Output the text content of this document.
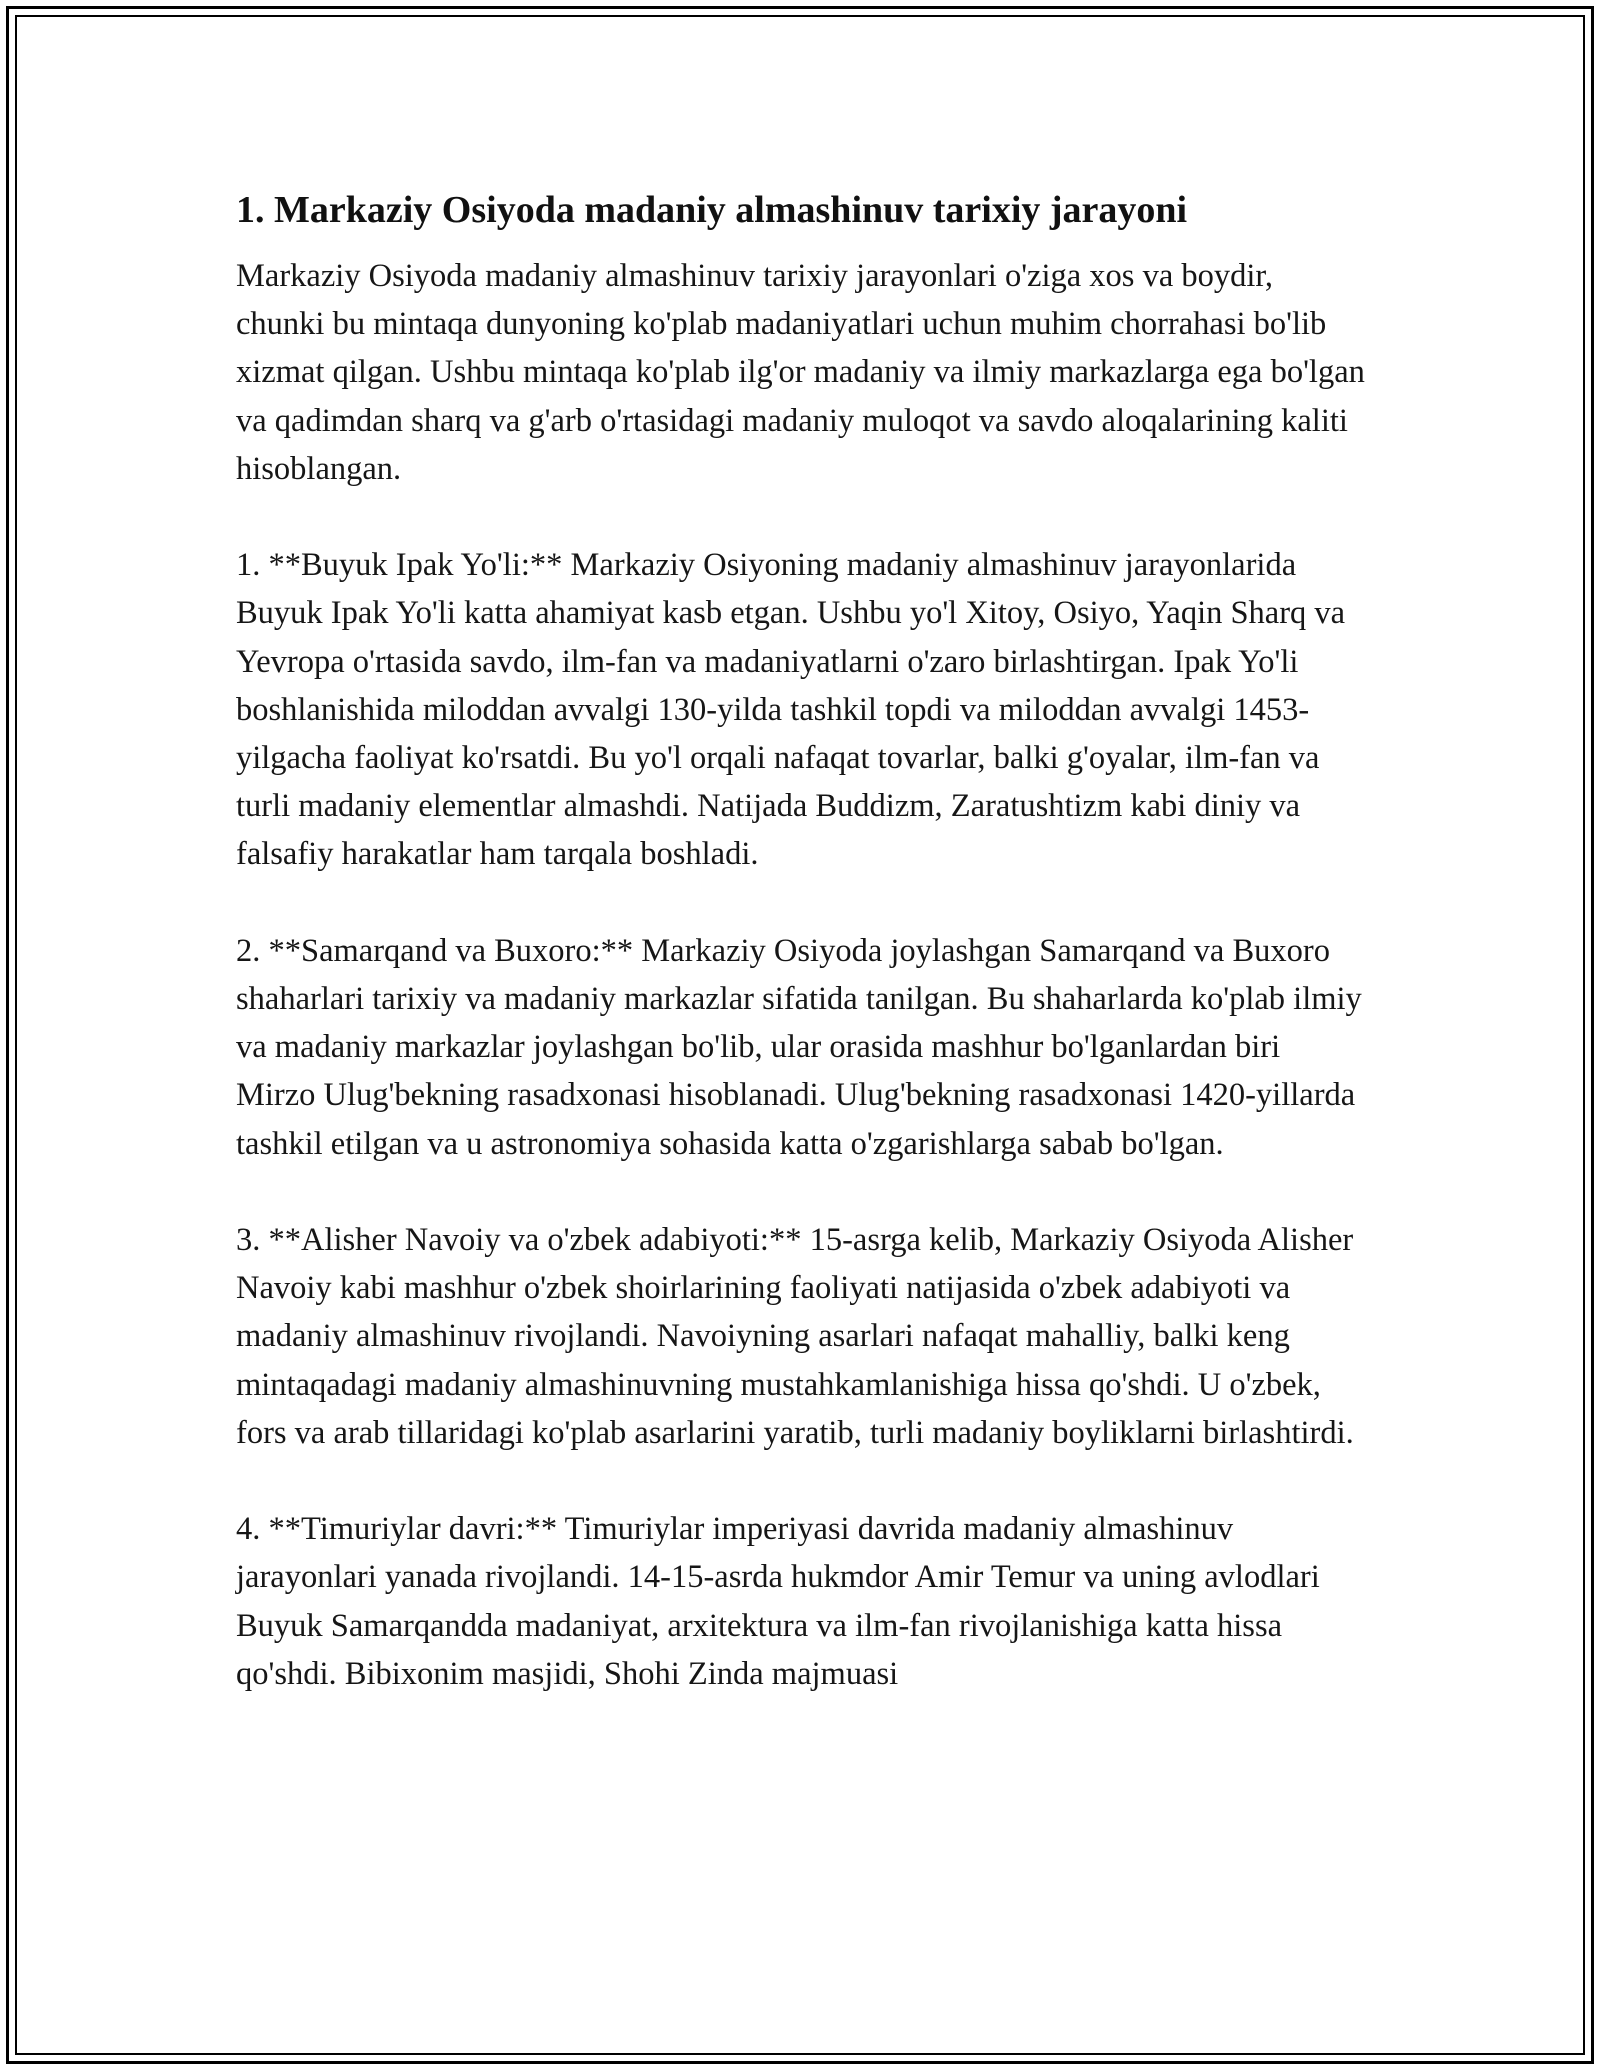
1. Markaziy Osiyoda madaniy almashinuv tarixiy jarayoni

Markaziy Osiyoda madaniy almashinuv tarixiy jarayonlari o'ziga xos va boydir, chunki bu mintaqa dunyoning ko'plab madaniyatlari uchun muhim chorrahasi bo'lib xizmat qilgan. Ushbu mintaqa ko'plab ilg'or madaniy va ilmiy markazlarga ega bo'lgan va qadimdan sharq va g'arb o'rtasidagi madaniy muloqot va savdo aloqalarining kaliti hisoblangan.

1. **Buyuk Ipak Yo'li:** Markaziy Osiyoning madaniy almashinuv jarayonlarida Buyuk Ipak Yo'li katta ahamiyat kasb etgan. Ushbu yo'l Xitoy, Osiyo, Yaqin Sharq va Yevropa o'rtasida savdo, ilm-fan va madaniyatlarni o'zaro birlashtirgan. Ipak Yo'li boshlanishida miloddan avvalgi 130-yilda tashkil topdi va miloddan avvalgi 1453-yilgacha faoliyat ko'rsatdi. Bu yo'l orqali nafaqat tovarlar, balki g'oyalar, ilm-fan va turli madaniy elementlar almashdi. Natijada Buddizm, Zaratushtizm kabi diniy va falsafiy harakatlar ham tarqala boshladi.

2. **Samarqand va Buxoro:** Markaziy Osiyoda joylashgan Samarqand va Buxoro shaharlari tarixiy va madaniy markazlar sifatida tanilgan. Bu shaharlarda ko'plab ilmiy va madaniy markazlar joylashgan bo'lib, ular orasida mashhur bo'lganlardan biri Mirzo Ulug'bekning rasadxonasi hisoblanadi. Ulug'bekning rasadxonasi 1420-yillarda tashkil etilgan va u astronomiya sohasida katta o'zgarishlarga sabab bo'lgan.

3. **Alisher Navoiy va o'zbek adabiyoti:** 15-asrga kelib, Markaziy Osiyoda Alisher Navoiy kabi mashhur o'zbek shoirlarining faoliyati natijasida o'zbek adabiyoti va madaniy almashinuv rivojlandi. Navoiyning asarlari nafaqat mahalliy, balki keng mintaqadagi madaniy almashinuvning mustahkamlanishiga hissa qo'shdi. U o'zbek, fors va arab tillaridagi ko'plab asarlarini yaratib, turli madaniy boyliklarni birlashtirdi.

4. **Timuriylar davri:** Timuriylar imperiyasi davrida madaniy almashinuv jarayonlari yanada rivojlandi. 14-15-asrda hukmdor Amir Temur va uning avlodlari Buyuk Samarqandda madaniyat, arxitektura va ilm-fan rivojlanishiga katta hissa qo'shdi. Bibixonim masjidi, Shohi Zinda majmuasi
